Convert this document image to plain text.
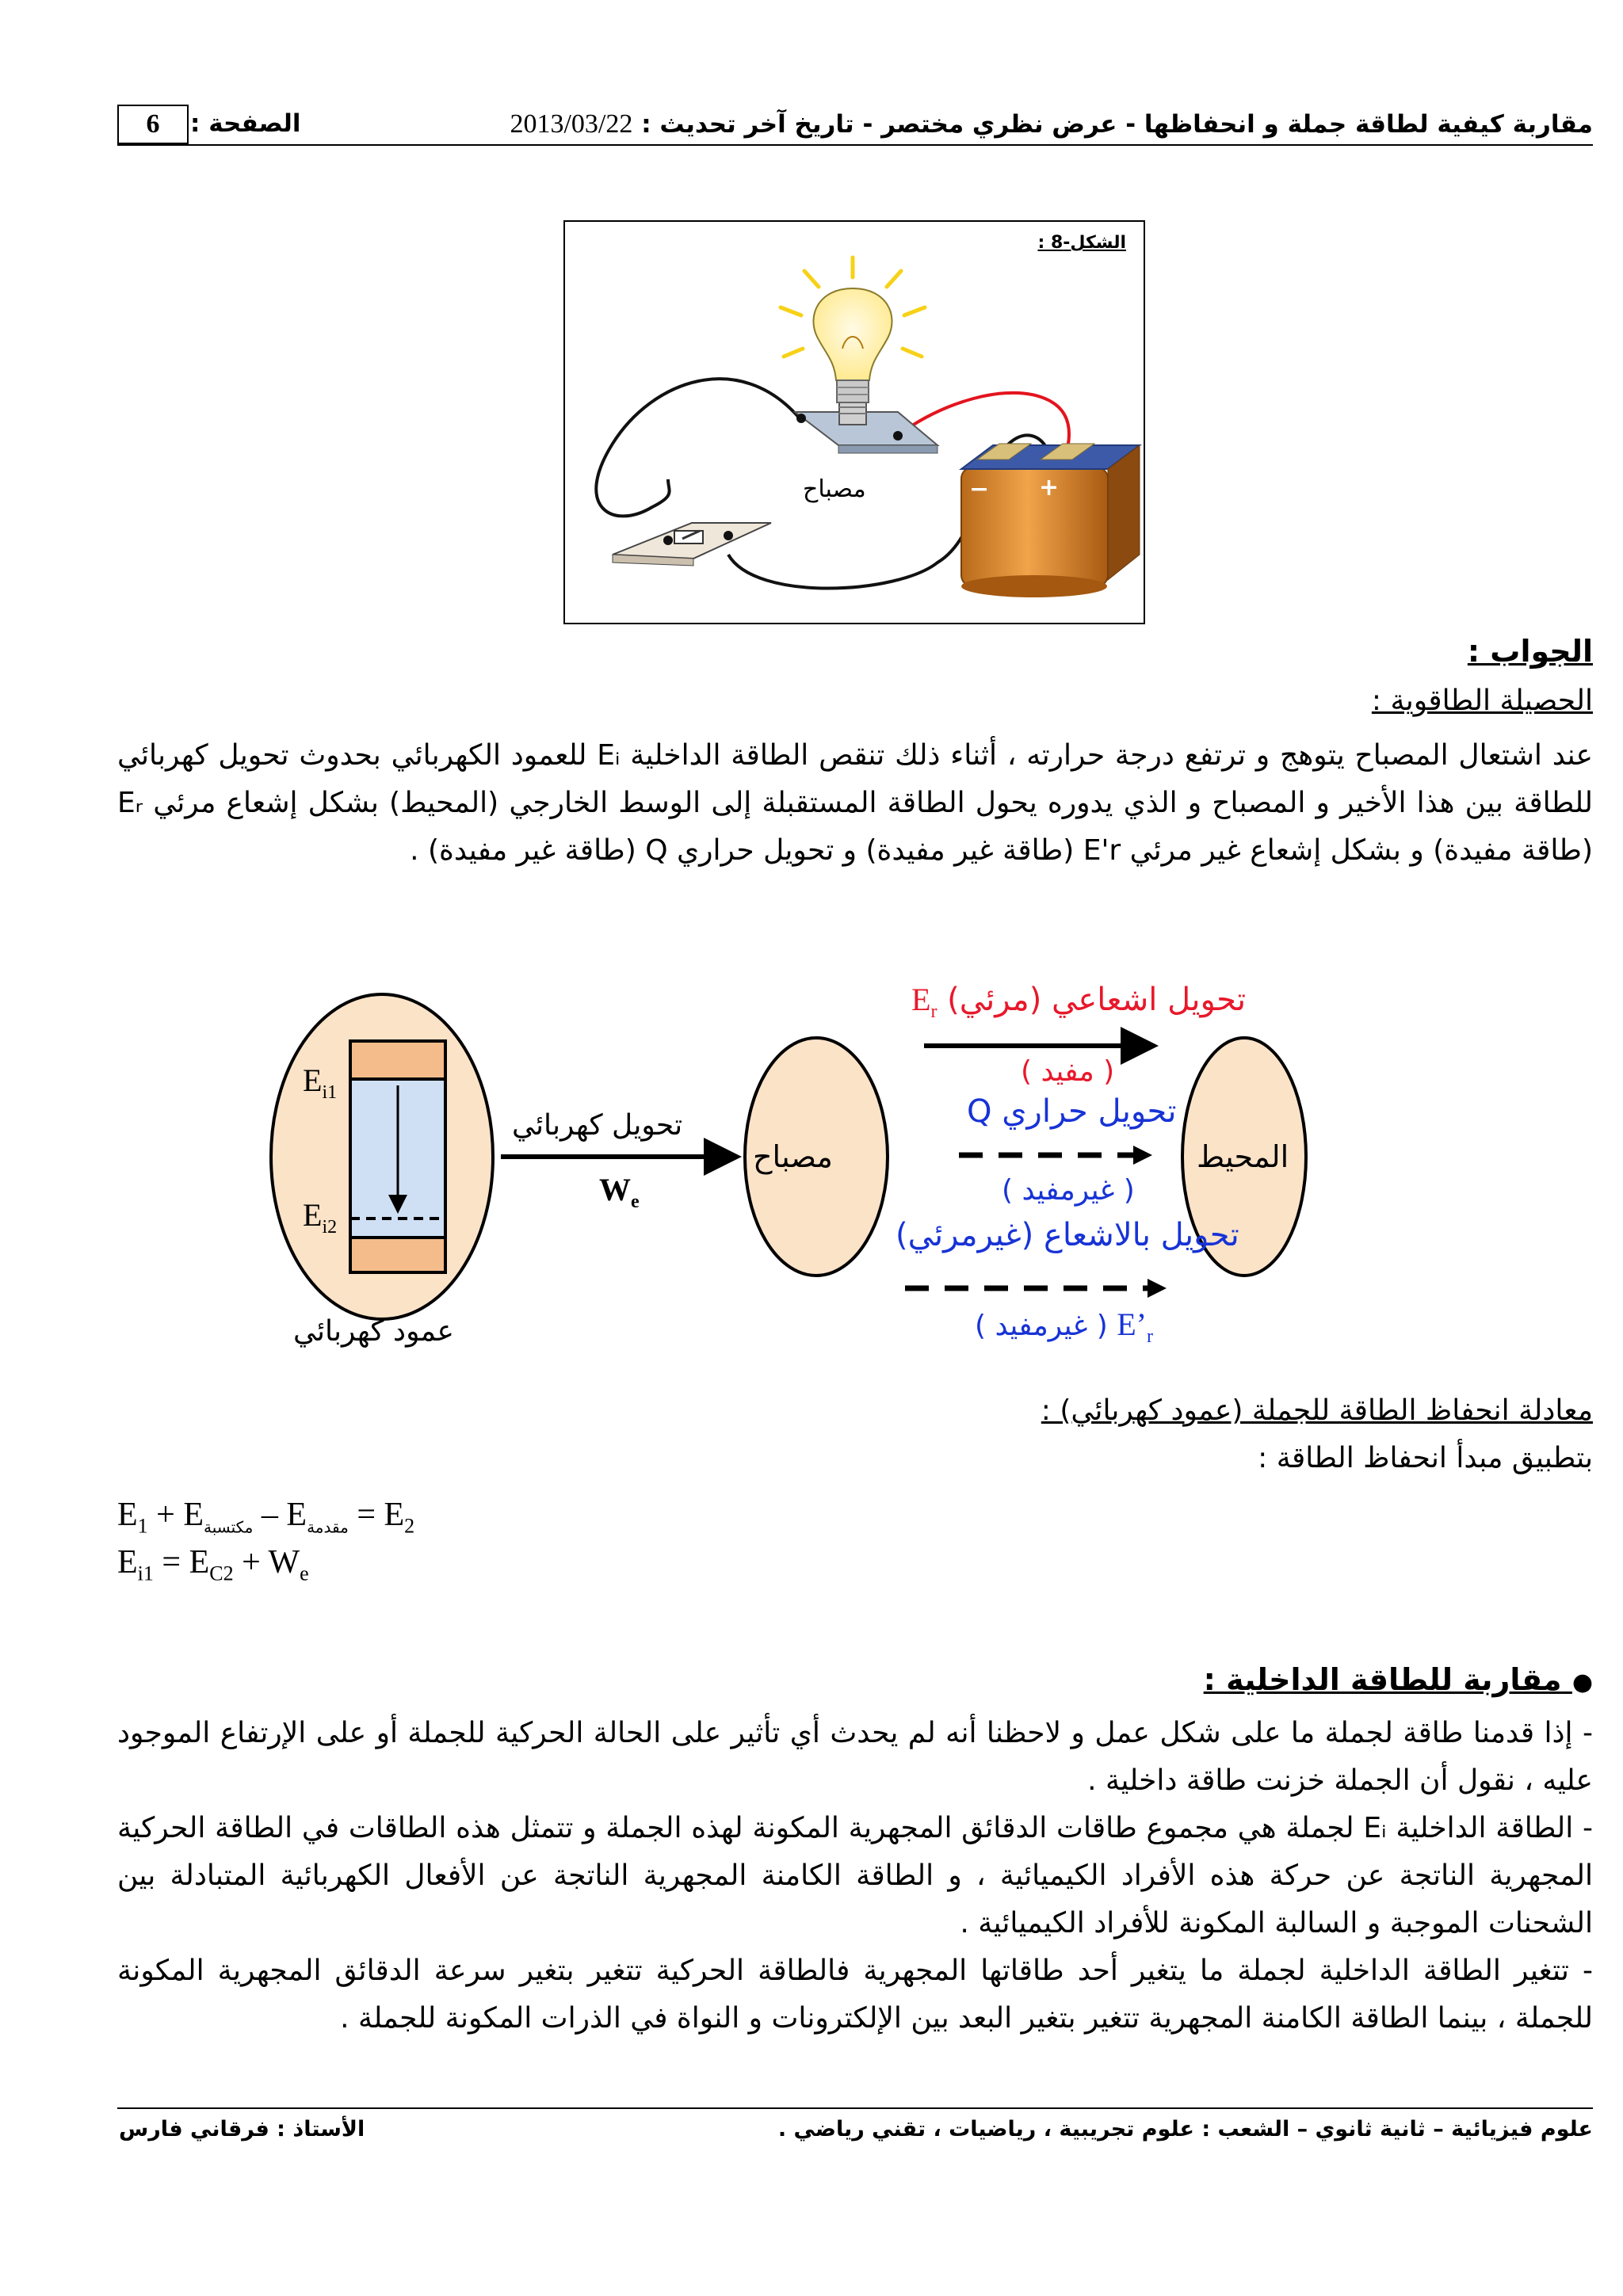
مقاربة كيفية لطاقة جملة و انحفاظها - عرض نظري مختصر - تاريخ آخر تحديث : 2013/03/22
الصفحة :
6
الشكل-8 :
− +
مصباح
الجواب :
الحصيلة الطاقوية :
عند اشتعال المصباح يتوهج و ترتفع درجة حرارته ، أثناء ذلك تنقص الطاقة الداخلية Eᵢ للعمود الكهربائي بحدوث تحويل كهربائي للطاقة بين هذا الأخير و المصباح و الذي يدوره يحول الطاقة المستقبلة إلى الوسط الخارجي (المحيط) بشكل إشعاع مرئي Eᵣ (طاقة مفيدة) و بشكل إشعاع غير مرئي E'r (طاقة غير مفيدة) و تحويل حراري Q (طاقة غير مفيدة) .
$E_{i1}$
$E_{i2}$
عمود كهربائي
تحويل كهربائي
$W_e$
مصباح	المحيط
تحويل اشعاعي (مرئي) $E_r$
( مفيد )
تحويل حراري Q
( غيرمفيد )
تحويل بالاشعاع (غيرمرئي)
$E’_r$ ( غيرمفيد )
معادلة انحفاظ الطاقة للجملة (عمود كهربائي) :
بتطبيق مبدأ انحفاظ الطاقة :
$E_1 + E_{مكتسبة} - E_{مقدمة} = E_2$
$E_{i1} = E_{C2} + W_e$
● مقاربة للطاقة الداخلية :
- إذا قدمنا طاقة لجملة ما على شكل عمل و لاحظنا أنه لم يحدث أي تأثير على الحالة الحركية للجملة أو على الإرتفاع الموجود عليه ، نقول أن الجملة خزنت طاقة داخلية .
- الطاقة الداخلية Eᵢ لجملة هي مجموع طاقات الدقائق المجهرية المكونة لهذه الجملة و تتمثل هذه الطاقات في الطاقة الحركية المجهرية الناتجة عن حركة هذه الأفراد الكيميائية ، و الطاقة الكامنة المجهرية الناتجة عن الأفعال الكهربائية المتبادلة بين الشحنات الموجبة و السالبة المكونة للأفراد الكيميائية .
- تتغير الطاقة الداخلية لجملة ما يتغير أحد طاقاتها المجهرية فالطاقة الحركية تتغير بتغير سرعة الدقائق المجهرية المكونة للجملة ، بينما الطاقة الكامنة المجهرية تتغير بتغير البعد بين الإلكترونات و النواة في الذرات المكونة للجملة .
علوم فيزيائية – ثانية ثانوي – الشعب : علوم تجريبية ، رياضيات ، تقني رياضي .
الأستاذ : فرقاني فارس
